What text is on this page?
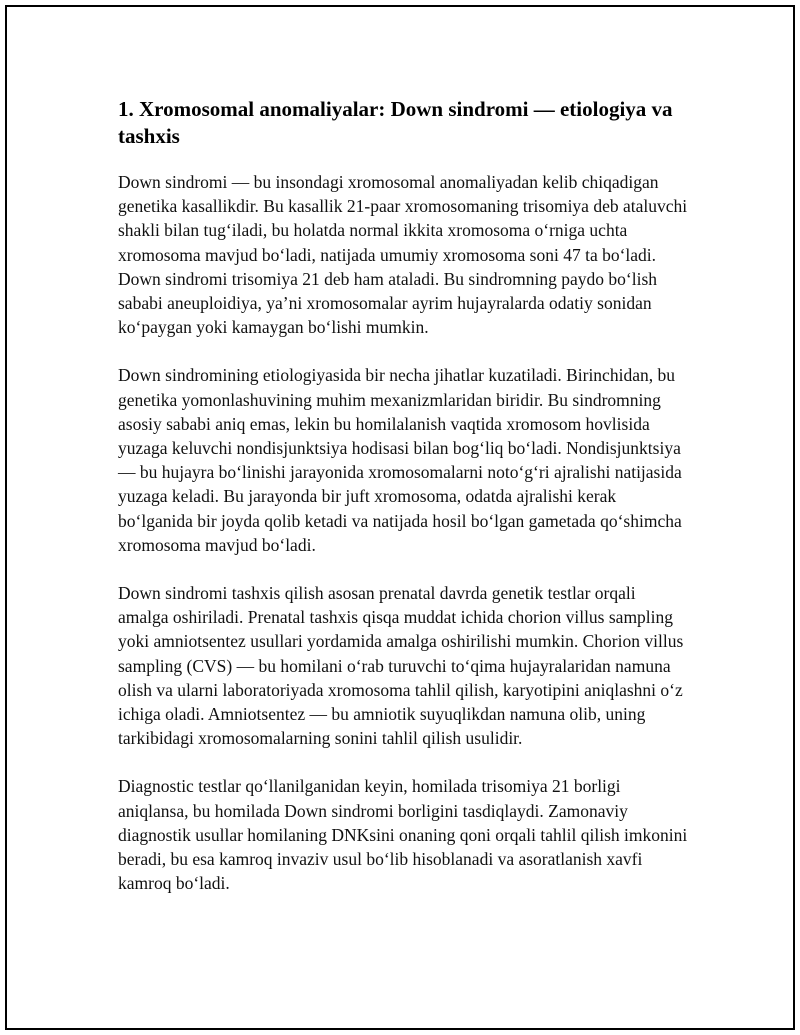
1. Xromosomal anomaliyalar: Down sindromi — etiologiya va tashxis

Down sindromi — bu insondagi xromosomal anomaliyadan kelib chiqadigan genetika kasallikdir. Bu kasallik 21-paar xromosomaning trisomiya deb ataluvchi shakli bilan tug‘iladi, bu holatda normal ikkita xromosoma o‘rniga uchta xromosoma mavjud bo‘ladi, natijada umumiy xromosoma soni 47 ta bo‘ladi. Down sindromi trisomiya 21 deb ham ataladi. Bu sindromning paydo bo‘lish sababi aneuploidiya, ya’ni xromosomalar ayrim hujayralarda odatiy sonidan ko‘paygan yoki kamaygan bo‘lishi mumkin.

Down sindromining etiologiyasida bir necha jihatlar kuzatiladi. Birinchidan, bu genetika yomonlashuvining muhim mexanizmlaridan biridir. Bu sindromning asosiy sababi aniq emas, lekin bu homilalanish vaqtida xromosom hovlisida yuzaga keluvchi nondisjunktsiya hodisasi bilan bog‘liq bo‘ladi. Nondisjunktsiya — bu hujayra bo‘linishi jarayonida xromosomalarni noto‘g‘ri ajralishi natijasida yuzaga keladi. Bu jarayonda bir juft xromosoma, odatda ajralishi kerak bo‘lganida bir joyda qolib ketadi va natijada hosil bo‘lgan gametada qo‘shimcha xromosoma mavjud bo‘ladi.

Down sindromi tashxis qilish asosan prenatal davrda genetik testlar orqali amalga oshiriladi. Prenatal tashxis qisqa muddat ichida chorion villus sampling yoki amniotsentez usullari yordamida amalga oshirilishi mumkin. Chorion villus sampling (CVS) — bu homilani o‘rab turuvchi to‘qima hujayralaridan namuna olish va ularni laboratoriyada xromosoma tahlil qilish, karyotipini aniqlashni o‘z ichiga oladi. Amniotsentez — bu amniotik suyuqlikdan namuna olib, uning tarkibidagi xromosomalarning sonini tahlil qilish usulidir.

Diagnostic testlar qo‘llanilganidan keyin, homilada trisomiya 21 borligi aniqlansa, bu homilada Down sindromi borligini tasdiqlaydi. Zamonaviy diagnostik usullar homilaning DNKsini onaning qoni orqali tahlil qilish imkonini beradi, bu esa kamroq invaziv usul bo‘lib hisoblanadi va asoratlanish xavfi kamroq bo‘ladi.
